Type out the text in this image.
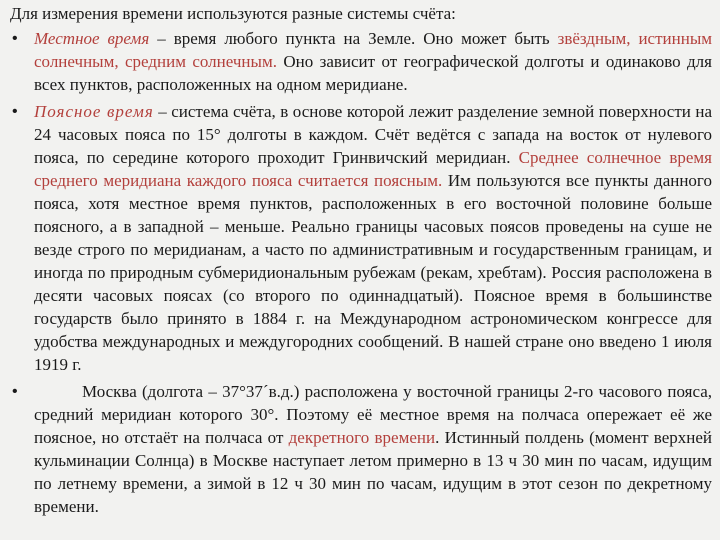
Для измерения времени используются разные системы счёта:

• Местное время – время любого пункта на Земле. Оно может быть звёздным, истинным солнечным, средним солнечным. Оно зависит от географической долготы и одинаково для всех пунктов, расположенных на одном меридиане.
• Поясное время – система счёта, в основе которой лежит разделение земной поверхности на 24 часовых пояса по 15° долготы в каждом. Счёт ведётся с запада на восток от нулевого пояса, по середине которого проходит Гринвичский меридиан. Среднее солнечное время среднего меридиана каждого пояса считается поясным. Им пользуются все пункты данного пояса, хотя местное время пунктов, расположенных в его восточной половине больше поясного, а в западной – меньше. Реально границы часовых поясов проведены на суше не везде строго по меридианам, а часто по административным и государственным границам, и иногда по природным субмеридиональным рубежам (рекам, хребтам). Россия расположена в десяти часовых поясах (со второго по одиннадцатый). Поясное время в большинстве государств было принято в 1884 г. на Международном астрономическом конгрессе для удобства международных и междугородних сообщений. В нашей стране оно введено 1 июля 1919 г.
•	Москва (долгота – 37°37´в.д.) расположена у восточной границы 2-го часового пояса, средний меридиан которого 30°. Поэтому её местное время на полчаса опережает её же поясное, но отстаёт на полчаса от декретного времени. Истинный полдень (момент верхней кульминации Солнца) в Москве наступает летом примерно в 13 ч 30 мин по часам, идущим по летнему времени, а зимой в 12 ч 30 мин по часам, идущим в этот сезон по декретному времени.
